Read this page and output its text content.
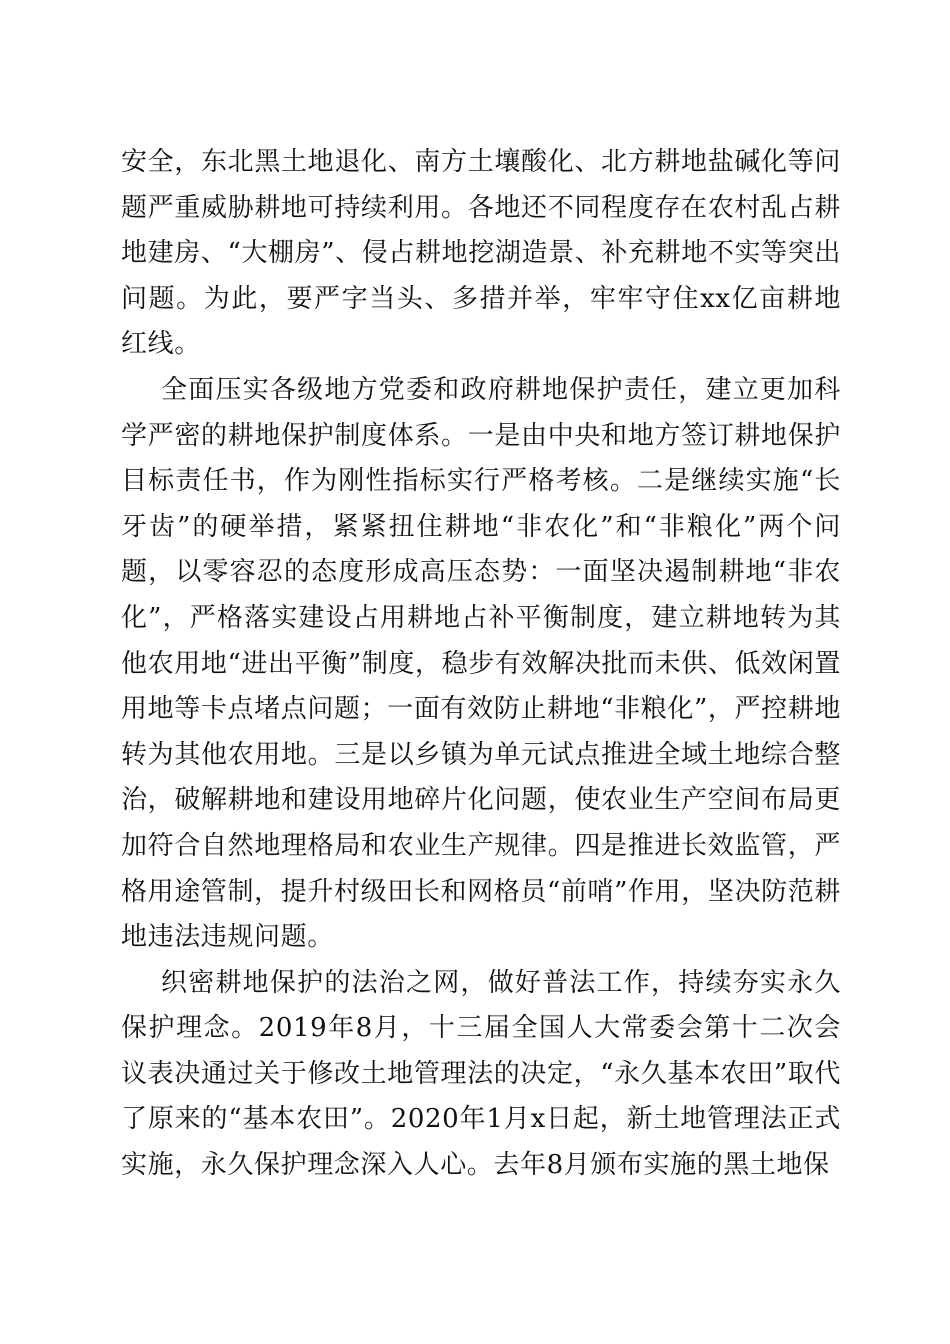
安全，东北黑土地退化、南方土壤酸化、北方耕地盐碱化等问题严重威胁耕地可持续利用。各地还不同程度存在农村乱占耕地建房、“大棚房”、侵占耕地挖湖造景、补充耕地不实等突出问题。为此，要严字当头、多措并举，牢牢守住xx亿亩耕地红线。

全面压实各级地方党委和政府耕地保护责任，建立更加科学严密的耕地保护制度体系。一是由中央和地方签订耕地保护目标责任书，作为刚性指标实行严格考核。二是继续实施“长牙齿”的硬举措，紧紧扭住耕地“非农化”和“非粮化”两个问题，以零容忍的态度形成高压态势：一面坚决遏制耕地“非农化”，严格落实建设占用耕地占补平衡制度，建立耕地转为其他农用地“进出平衡”制度，稳步有效解决批而未供、低效闲置用地等卡点堵点问题；一面有效防止耕地“非粮化”，严控耕地转为其他农用地。三是以乡镇为单元试点推进全域土地综合整治，破解耕地和建设用地碎片化问题，使农业生产空间布局更加符合自然地理格局和农业生产规律。四是推进长效监管，严格用途管制，提升村级田长和网格员“前哨”作用，坚决防范耕地违法违规问题。

织密耕地保护的法治之网，做好普法工作，持续夯实永久保护理念。2019年8月，十三届全国人大常委会第十二次会议表决通过关于修改土地管理法的决定，“永久基本农田”取代了原来的“基本农田”。2020年1月x日起，新土地管理法正式实施，永久保护理念深入人心。去年8月颁布实施的黑土地保
